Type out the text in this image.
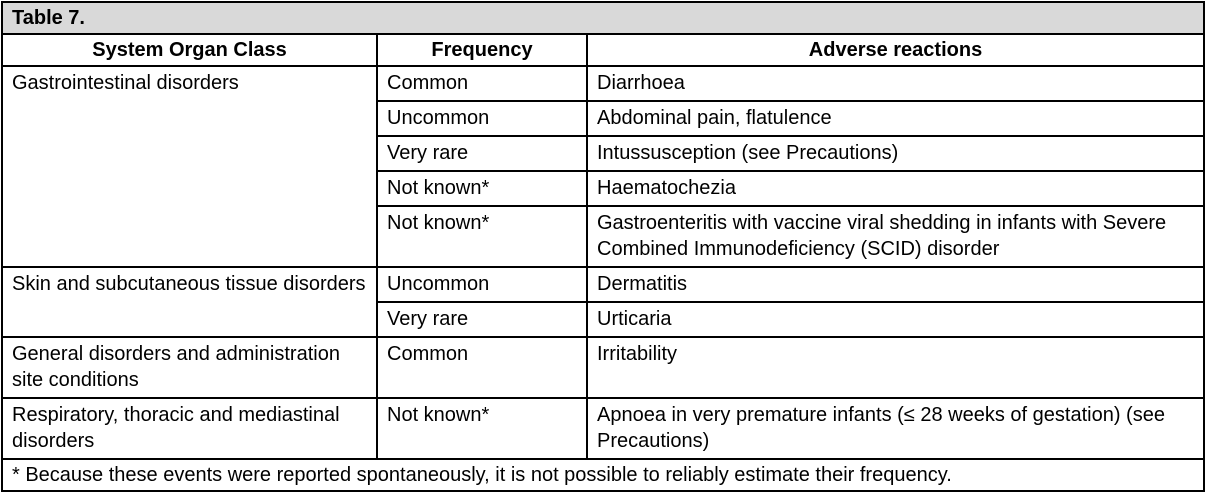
Table 7.		
System Organ Class	Frequency	Adverse reactions
Gastrointestinal disorders	Common	Diarrhoea
	Uncommon	Abdominal pain, flatulence
	Very rare	Intussusception (see Precautions)
	Not known*	Haematochezia
	Not known*	Gastroenteritis with vaccine viral shedding in infants with Severe Combined Immunodeficiency (SCID) disorder
Skin and subcutaneous tissue disorders	Uncommon	Dermatitis
	Very rare	Urticaria
General disorders and administration site conditions	Common	Irritability
Respiratory, thoracic and mediastinal disorders	Not known*	Apnoea in very premature infants (≤ 28 weeks of gestation) (see Precautions)
* Because these events were reported spontaneously, it is not possible to reliably estimate their frequency.		
